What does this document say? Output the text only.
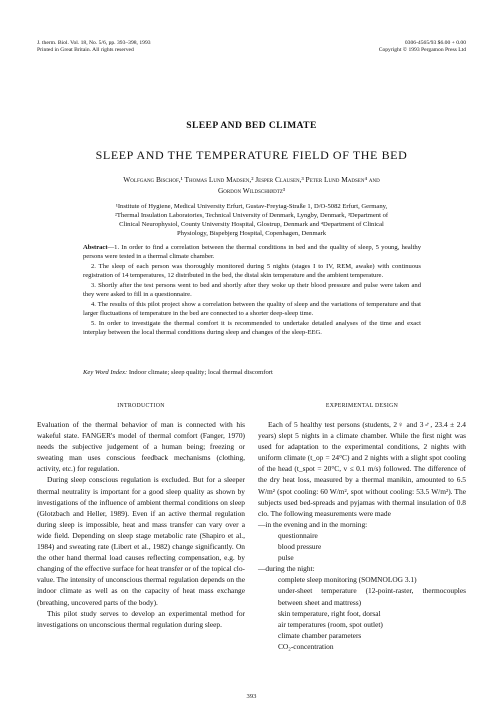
J. therm. Biol. Vol. 18, No. 5/6, pp. 393–398, 1993
Printed in Great Britain. All rights reserved
0306-4565/93 $6.00 + 0.00
Copyright © 1993 Pergamon Press Ltd
SLEEP AND BED CLIMATE
SLEEP AND THE TEMPERATURE FIELD OF THE BED
Wolfgang Bischof,¹ Thomas Lund Madsen,² Jesper Clausen,³ Peter Lund Madsen⁴ and
Gordon Wildschiødtz³
¹Institute of Hygiene, Medical University Erfurt, Gustav-Freytag-Straße 1, D/O-5082 Erfurt, Germany,
²Thermal Insulation Laboratories, Technical University of Denmark, Lyngby, Denmark, ³Department of
Clinical Neurophysiol, County University Hospital, Glostrup, Denmark and ⁴Department of Clinical
Physiology, Bispebjerg Hospital, Copenhagen, Denmark

Abstract—1. In order to find a correlation between the thermal conditions in bed and the quality of sleep, 5 young, healthy persons were tested in a thermal climate chamber.

2. The sleep of each person was thoroughly monitored during 5 nights (stages I to IV, REM, awake) with continuous registration of 14 temperatures, 12 distributed in the bed, the distal skin temperature and the ambient temperature.

3. Shortly after the test persons went to bed and shortly after they woke up their blood pressure and pulse were taken and they were asked to fill in a questionnaire.

4. The results of this pilot project show a correlation between the quality of sleep and the variations of temperature and that larger fluctuations of temperature in the bed are connected to a shorter deep-sleep time.

5. In order to investigate the thermal comfort it is recommended to undertake detailed analyses of the time and exact interplay between the local thermal conditions during sleep and changes of the sleep-EEG.

Key Word Index: Indoor climate; sleep quality; local thermal discomfort
INTRODUCTION	EXPERIMENTAL DESIGN

Evaluation of the thermal behavior of man is connected with his wakeful state. FANGER's model of thermal comfort (Fanger, 1970) needs the subjective judgement of a human being; freezing or sweating man uses conscious feedback mechanisms (clothing, activity, etc.) for regulation.

During sleep conscious regulation is excluded. But for a sleeper thermal neutrality is important for a good sleep quality as shown by investigations of the influence of ambient thermal conditions on sleep (Glotzbach and Heller, 1989). Even if an active thermal regulation during sleep is impossible, heat and mass transfer can vary over a wide field. Depending on sleep stage metabolic rate (Shapiro et al., 1984) and sweating rate (Libert et al., 1982) change significantly. On the other hand thermal load causes reflecting compensation, e.g. by changing of the effective surface for heat transfer or of the topical clo-value. The intensity of unconscious thermal regulation depends on the indoor climate as well as on the capacity of heat mass exchange (breathing, uncovered parts of the body).

This pilot study serves to develop an experimental method for investigations on unconscious thermal regulation during sleep.

Each of 5 healthy test persons (students, 2♀ and 3♂, 23.4 ± 2.4 years) slept 5 nights in a climate chamber. While the first night was used for adaptation to the experimental conditions, 2 nights with uniform climate (t_op = 24°C) and 2 nights with a slight spot cooling of the head (t_spot = 20°C, v ≤ 0.1 m/s) followed. The difference of the dry heat loss, measured by a thermal manikin, amounted to 6.5 W/m² (spot cooling: 60 W/m², spot without cooling: 53.5 W/m²). The subjects used bed-spreads and pyjamas with thermal insulation of 0.8 clo. The following measurements were made

—in the evening and in the morning:
questionnaire
blood pressure
pulse
—during the night:
complete sleep monitoring (SOMNOLOG 3.1)
under-sheet temperature (12-point-raster, thermocouples between sheet and mattress)
skin temperature, right foot, dorsal
air temperatures (room, spot outlet)
climate chamber parameters
CO₂-concentration
393
